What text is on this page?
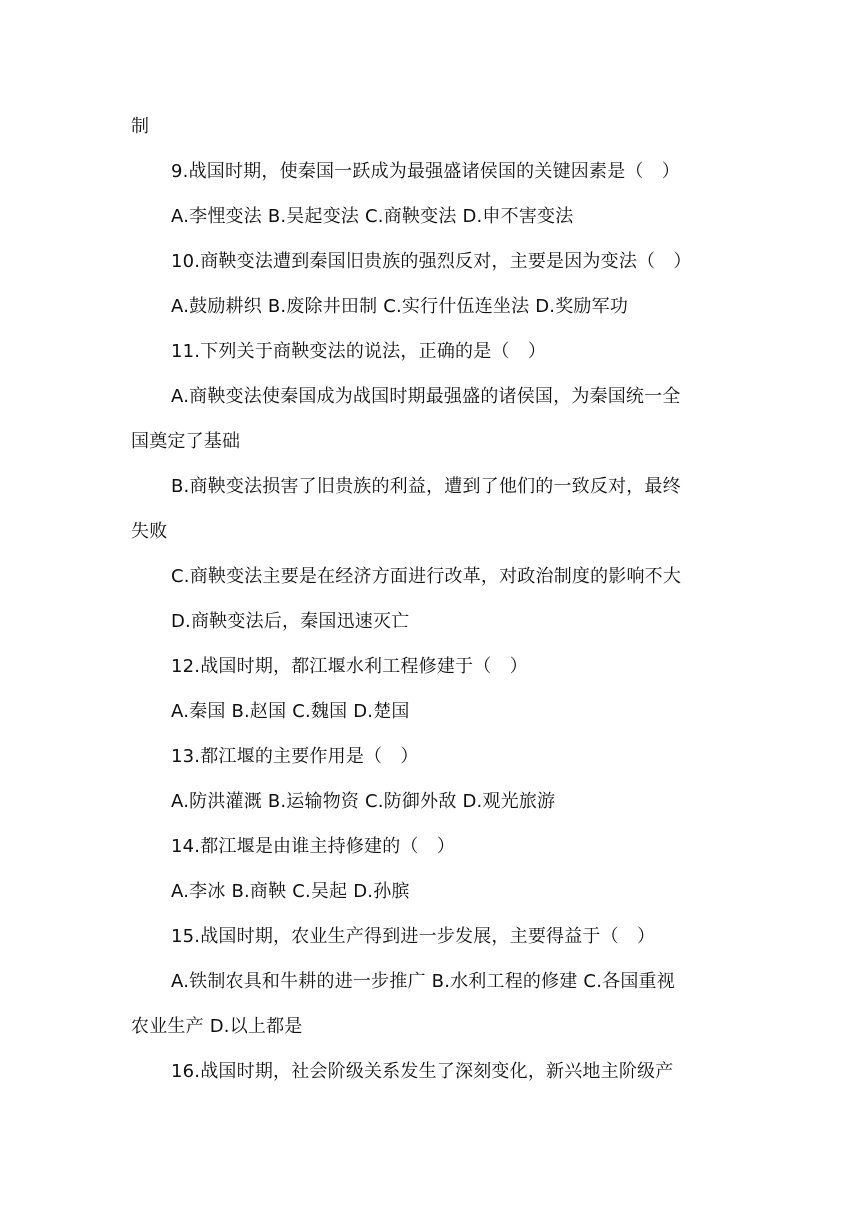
制
9.战国时期，使秦国一跃成为最强盛诸侯国的关键因素是（　）
A.李悝变法 B.吴起变法 C.商鞅变法 D.申不害变法
10.商鞅变法遭到秦国旧贵族的强烈反对，主要是因为变法（　）
A.鼓励耕织 B.废除井田制 C.实行什伍连坐法 D.奖励军功
11.下列关于商鞅变法的说法，正确的是（　）
A.商鞅变法使秦国成为战国时期最强盛的诸侯国，为秦国统一全
国奠定了基础
B.商鞅变法损害了旧贵族的利益，遭到了他们的一致反对，最终
失败
C.商鞅变法主要是在经济方面进行改革，对政治制度的影响不大
D.商鞅变法后，秦国迅速灭亡
12.战国时期，都江堰水利工程修建于（　）
A.秦国 B.赵国 C.魏国 D.楚国
13.都江堰的主要作用是（　）
A.防洪灌溉 B.运输物资 C.防御外敌 D.观光旅游
14.都江堰是由谁主持修建的（　）
A.李冰 B.商鞅 C.吴起 D.孙膑
15.战国时期，农业生产得到进一步发展，主要得益于（　）
A.铁制农具和牛耕的进一步推广 B.水利工程的修建 C.各国重视
农业生产 D.以上都是
16.战国时期，社会阶级关系发生了深刻变化，新兴地主阶级产
